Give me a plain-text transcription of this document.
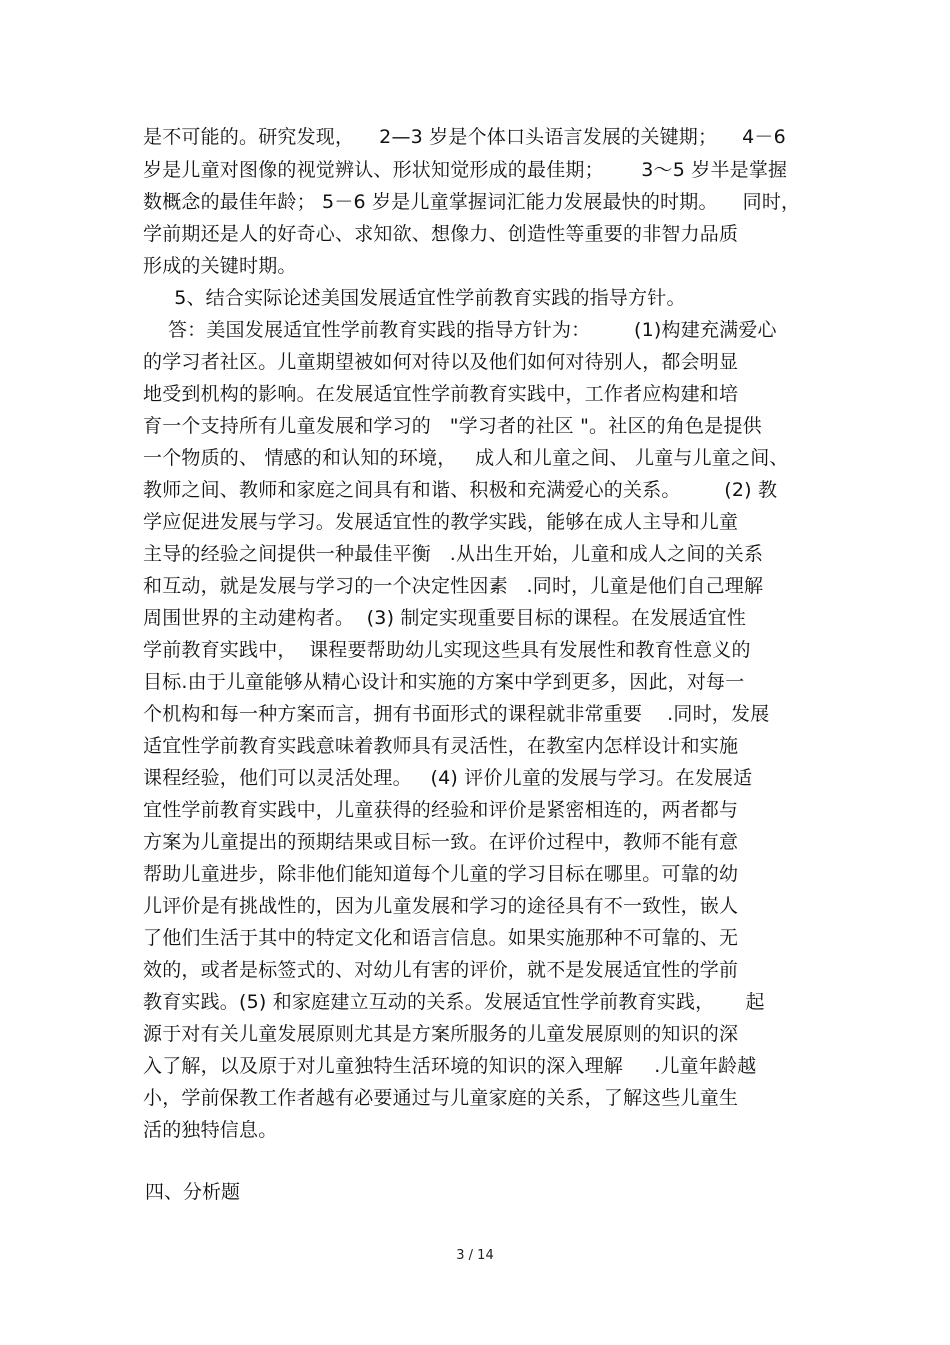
是不可能的。研究发现，    2—3 岁是个体口头语言发展的关键期；    4－6
岁是儿童对图像的视觉辨认、形状知觉形成的最佳期；      3～5 岁半是掌握
数概念的最佳年龄； 5－6 岁是儿童掌握词汇能力发展最快的时期。    同时，
学前期还是人的好奇心、求知欲、想像力、创造性等重要的非智力品质
形成的关键时期。
5、结合实际论述美国发展适宜性学前教育实践的指导方针。
答：美国发展适宜性学前教育实践的指导方针为：       (1)构建充满爱心
的学习者社区。儿童期望被如何对待以及他们如何对待别人，都会明显
地受到机构的影响。在发展适宜性学前教育实践中，工作者应构建和培
育一个支持所有儿童发展和学习的   "学习者的社区 "。社区的角色是提供
一个物质的、 情感的和认知的环境，   成人和儿童之间、 儿童与儿童之间、
教师之间、教师和家庭之间具有和谐、积极和充满爱心的关系。       (2) 教
学应促进发展与学习。发展适宜性的教学实践，能够在成人主导和儿童
主导的经验之间提供一种最佳平衡   .从出生开始，儿童和成人之间的关系
和互动，就是发展与学习的一个决定性因素   .同时，儿童是他们自己理解
周围世界的主动建构者。  (3) 制定实现重要目标的课程。在发展适宜性
学前教育实践中，  课程要帮助幼儿实现这些具有发展性和教育性意义的
目标.由于儿童能够从精心设计和实施的方案中学到更多，因此，对每一
个机构和每一种方案而言，拥有书面形式的课程就非常重要    .同时，发展
适宜性学前教育实践意味着教师具有灵活性，在教室内怎样设计和实施
课程经验，他们可以灵活处理。   (4) 评价儿童的发展与学习。在发展适
宜性学前教育实践中，儿童获得的经验和评价是紧密相连的，两者都与
方案为儿童提出的预期结果或目标一致。在评价过程中，教师不能有意
帮助儿童进步，除非他们能知道每个儿童的学习目标在哪里。可靠的幼
儿评价是有挑战性的，因为儿童发展和学习的途径具有不一致性，嵌人
了他们生活于其中的特定文化和语言信息。如果实施那种不可靠的、无
效的，或者是标签式的、对幼儿有害的评价，就不是发展适宜性的学前
教育实践。(5) 和家庭建立互动的关系。发展适宜性学前教育实践，     起
源于对有关儿童发展原则尤其是方案所服务的儿童发展原则的知识的深
入了解，以及原于对儿童独特生活环境的知识的深入理解     .儿童年龄越
小，学前保教工作者越有必要通过与儿童家庭的关系，了解这些儿童生
活的独特信息。
四、分析题
3 / 14
